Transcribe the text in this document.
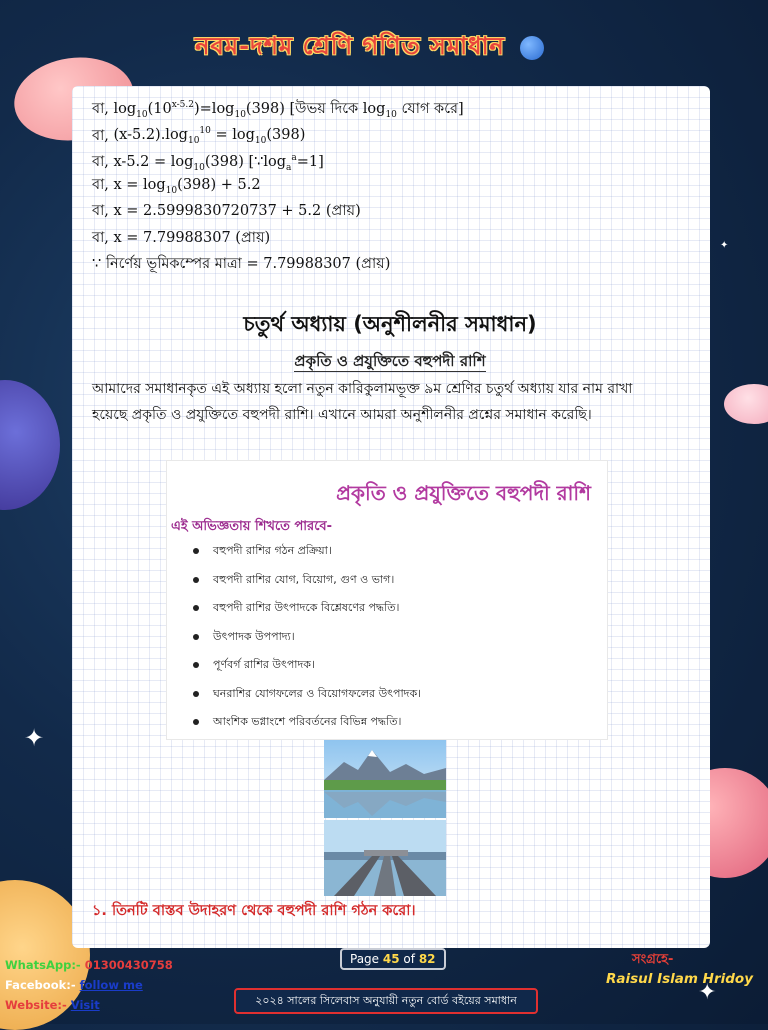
✦
✦
✦
নবম-দশম শ্রেণি গণিত সমাধান
বা, $\log_{10}(10^{x-5.2})=\log_{10}(398)$ [উভয় দিকে $\log_{10}$ যোগ করে]
বা, $(x-5.2).\log_{10}^{10} = \log_{10}(398)$
বা, $x-5.2 = \log_{10}(398)$ $[\because\log_a^a=1]$
বা, $x = \log_{10}(398) + 5.2$
বা, x = 2.5999830720737 + 5.2 (প্রায়)
বা, x = 7.79988307 (প্রায়)
∵ নির্ণেয় ভূমিকম্পের মাত্রা = 7.79988307 (প্রায়)
চতুর্থ অধ্যায় (অনুশীলনীর সমাধান)
প্রকৃতি ও প্রযুক্তিতে বহুপদী রাশি
আমাদের সমাধানকৃত এই অধ্যায় হলো নতুন কারিকুলামভূক্ত ৯ম শ্রেণির চতুর্থ অধ্যায় যার নাম রাখা হয়েছে প্রকৃতি ও প্রযুক্তিতে বহুপদী রাশি। এখানে আমরা অনুশীলনীর প্রশ্নের সমাধান করেছি।
প্রকৃতি ও প্রযুক্তিতে বহুপদী রাশি
এই অভিজ্ঞতায় শিখতে পারবে-
বহুপদী রাশির গঠন প্রক্রিয়া।
বহুপদী রাশির যোগ, বিয়োগ, গুণ ও ভাগ।
বহুপদী রাশির উৎপাদকে বিশ্লেষণের পদ্ধতি।
উৎপাদক উপপাদ্য।
পূর্ণবর্গ রাশির উৎপাদক।
ঘনরাশির যোগফলের ও বিয়োগফলের উৎপাদক।
আংশিক ভগ্নাংশে পরিবর্তনের বিভিন্ন পদ্ধতি।
১. তিনটি বাস্তব উদাহরণ থেকে বহুপদী রাশি গঠন করো।
WhatsApp:- 01300430758
Facebook:- follow me
Website:- Visit
Page 45 of 82	সংগ্রহে-
Raisul Islam Hridoy
২০২৪ সালের সিলেবাস অনুযায়ী নতুন বোর্ড বইয়ের সমাধান
